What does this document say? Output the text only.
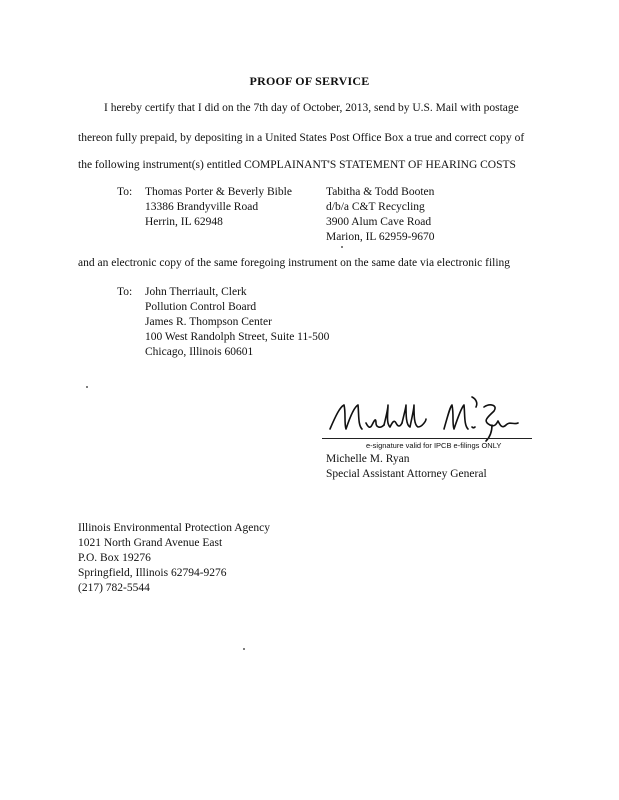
PROOF OF SERVICE
I hereby certify that I did on the 7th day of October, 2013, send by U.S. Mail with postage
thereon fully prepaid, by depositing in a United States Post Office Box a true and correct copy of
the following instrument(s) entitled COMPLAINANT'S STATEMENT OF HEARING COSTS
To: Thomas Porter & Beverly Bible
13386 Brandyville Road
Herrin, IL 62948
Tabitha & Todd Booten
d/b/a C&T Recycling
3900 Alum Cave Road
Marion, IL 62959-9670
and an electronic copy of the same foregoing instrument on the same date via electronic filing
To: John Therriault, Clerk
Pollution Control Board
James R. Thompson Center
100 West Randolph Street, Suite 11-500
Chicago, Illinois 60601
e-signature valid for IPCB e-filings ONLY
Michelle M. Ryan
Special Assistant Attorney General
Illinois Environmental Protection Agency
1021 North Grand Avenue East
P.O. Box 19276
Springfield, Illinois 62794-9276
(217) 782-5544
